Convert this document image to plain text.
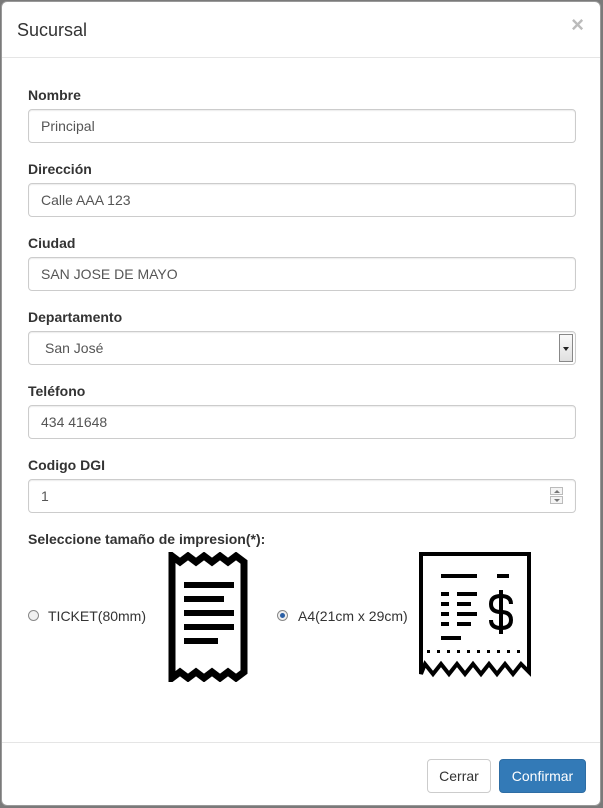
Sucursal	×
Nombre
Principal
Dirección
Calle AAA 123
Ciudad
SAN JOSE DE MAYO
Departamento
San José
Teléfono
434 41648
Codigo DGI
1
Seleccione tamaño de impresion(*):
TICKET(80mm)	A4(21cm x 29cm)
Cerrar	Confirmar
